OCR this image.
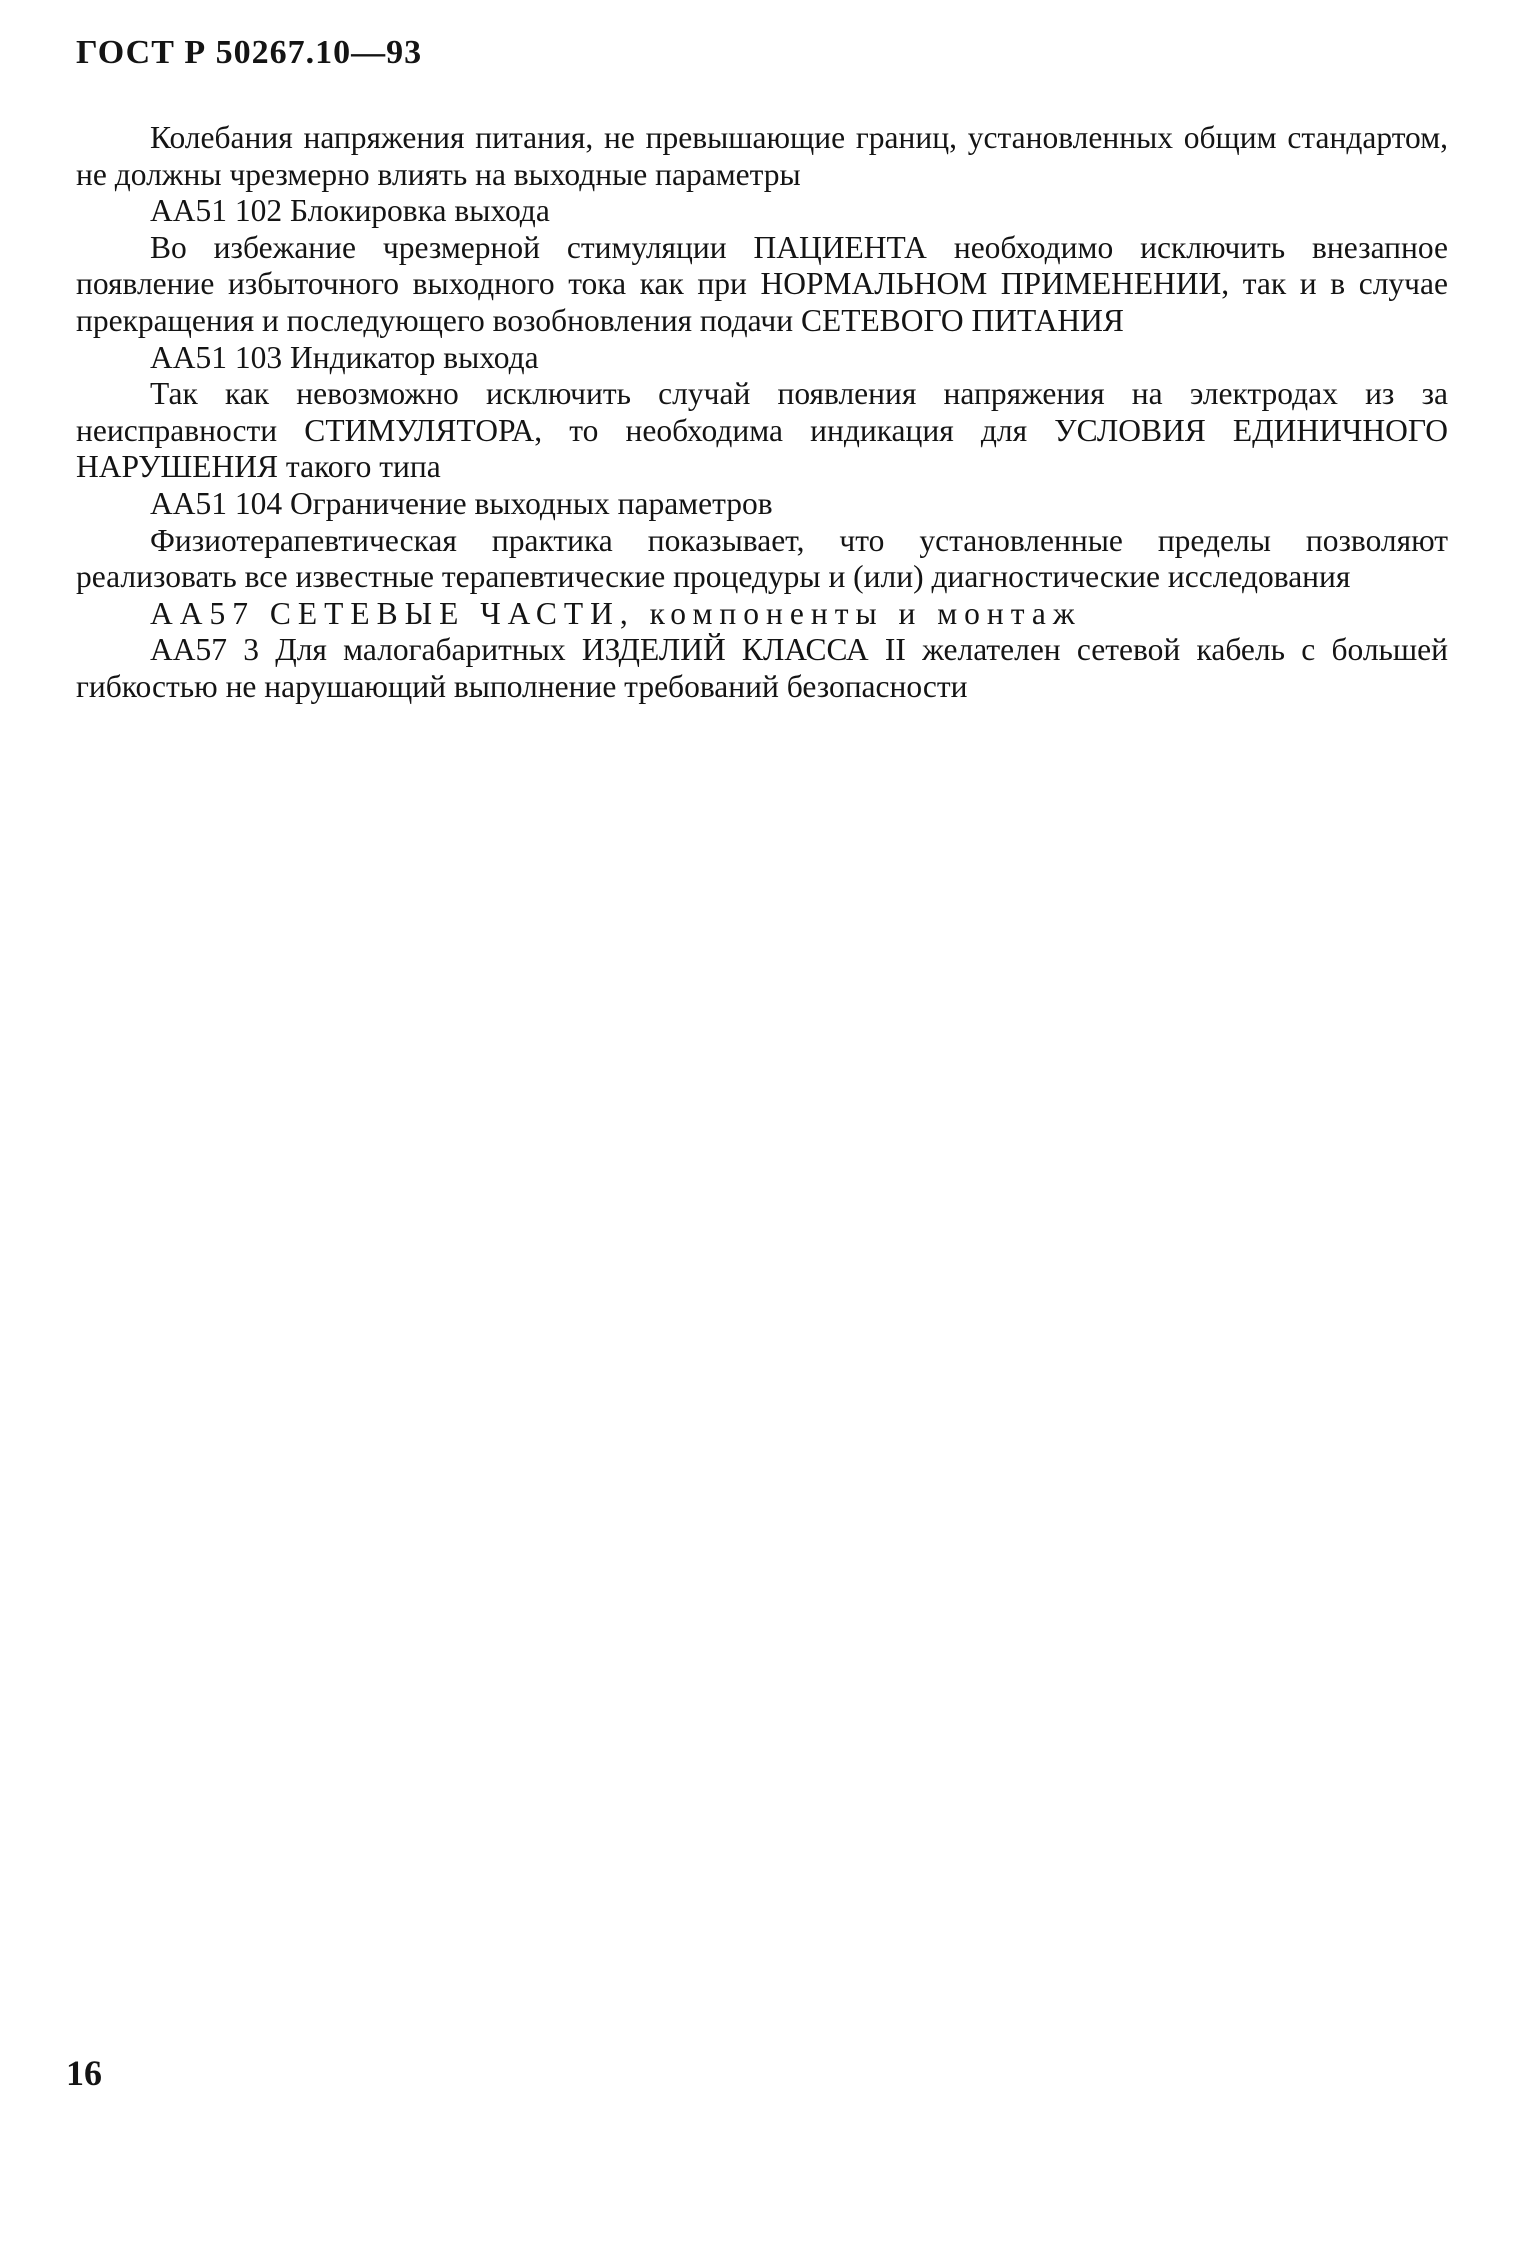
ГОСТ Р 50267.10—93

Колебания напряжения питания, не превышающие границ, установленных общим стандартом, не должны чрезмерно влиять на выходные параметры

АА51 102 Блокировка выхода

Во избежание чрезмерной стимуляции ПАЦИЕНТА необходимо исключить внезапное появление избыточного выходного тока как при НОРМАЛЬНОМ ПРИМЕНЕНИИ, так и в случае прекращения и последующего возобновления подачи СЕТЕВОГО ПИТАНИЯ

АА51 103 Индикатор выхода

Так как невозможно исключить случай появления напряжения на электродах из за неисправности СТИМУЛЯТОРА, то необходима индикация для УСЛОВИЯ ЕДИНИЧНОГО НАРУШЕНИЯ такого типа

АА51 104 Ограничение выходных параметров

Физиотерапевтическая практика показывает, что установленные пределы позволяют реализовать все известные терапевтические процедуры и (или) диагностические исследования

АА57 СЕТЕВЫЕ ЧАСТИ, компоненты и монтаж

АА57 3 Для малогабаритных ИЗДЕЛИЙ КЛАССА II желателен сетевой кабель с большей гибкостью не нарушающий выполнение требований безопасности

16
